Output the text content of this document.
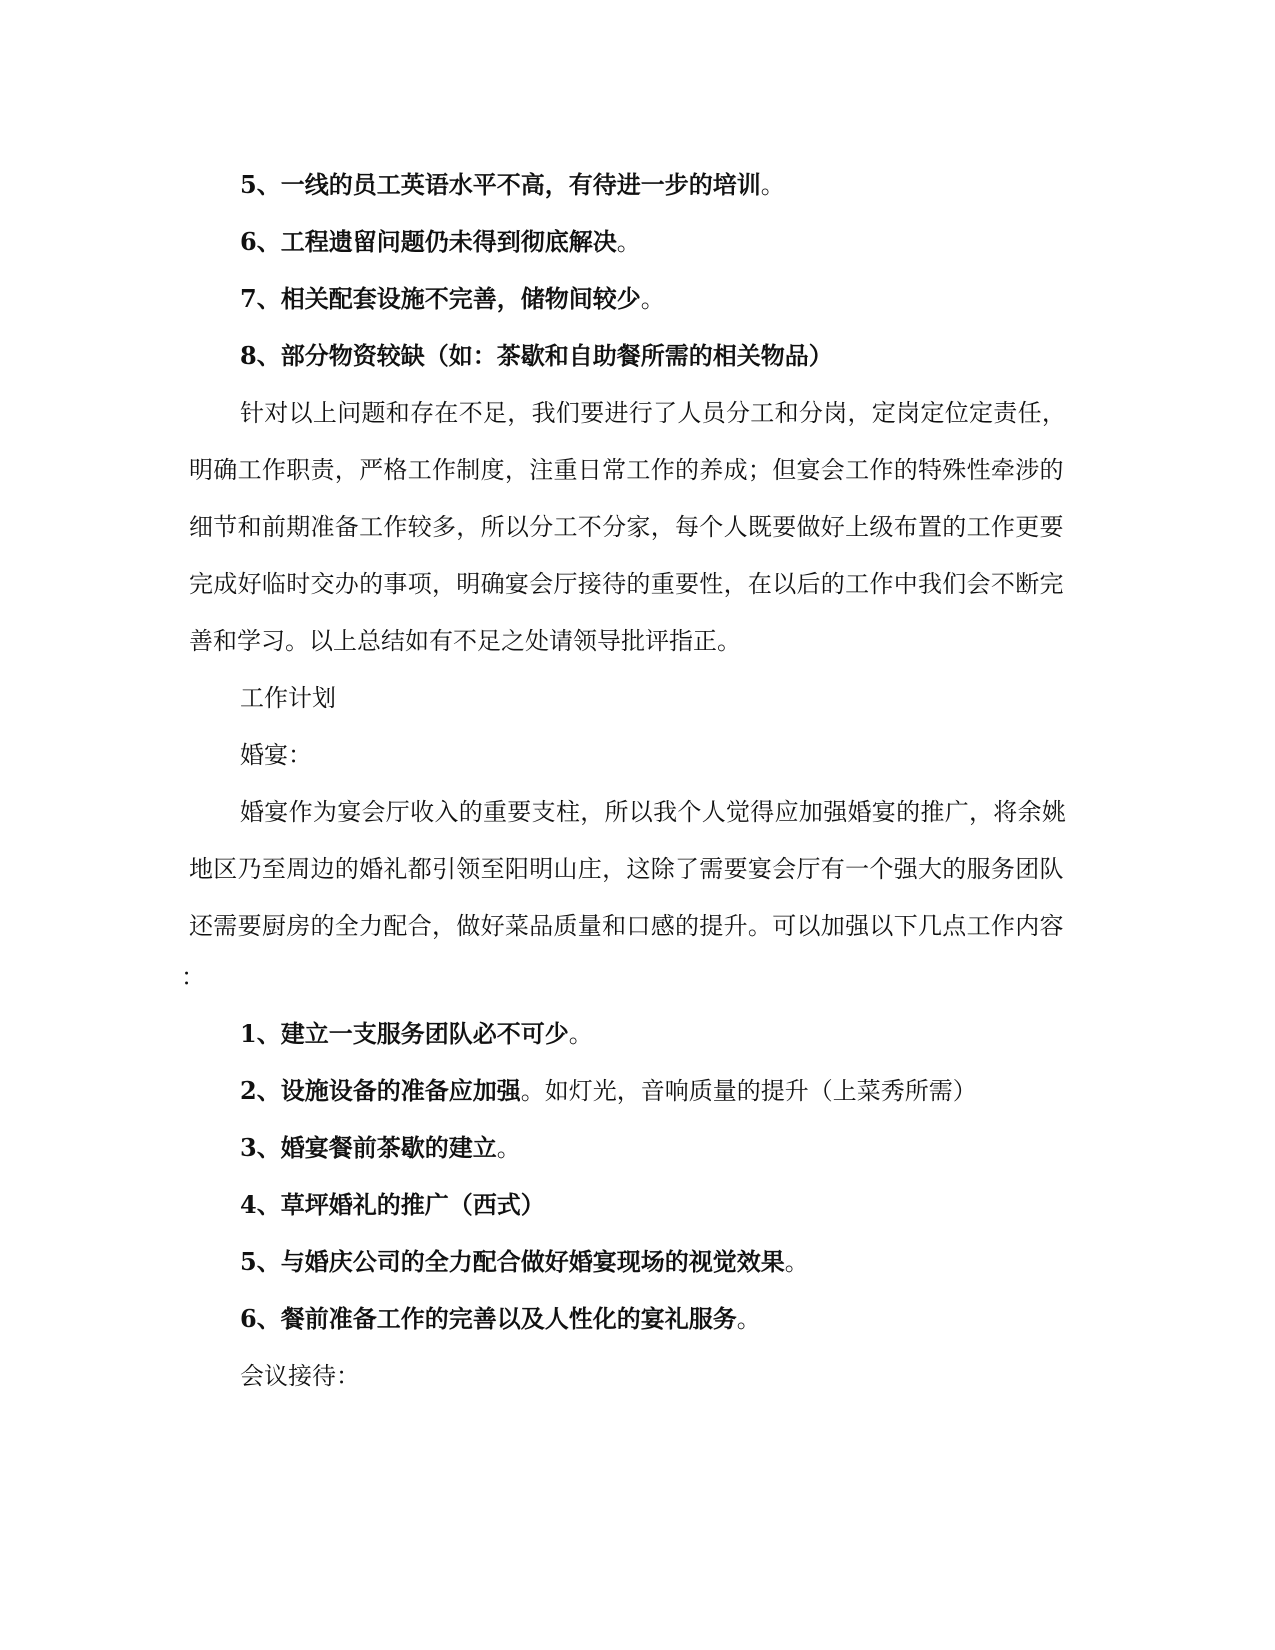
5、一线的员工英语水平不高，有待进一步的培训。
6、工程遗留问题仍未得到彻底解决。
7、相关配套设施不完善，储物间较少。
8、部分物资较缺（如：茶歇和自助餐所需的相关物品）
针对以上问题和存在不足，我们要进行了人员分工和分岗，定岗定位定责任，
明确工作职责，严格工作制度，注重日常工作的养成；但宴会工作的特殊性牵涉的
细节和前期准备工作较多，所以分工不分家，每个人既要做好上级布置的工作更要
完成好临时交办的事项，明确宴会厅接待的重要性，在以后的工作中我们会不断完
善和学习。以上总结如有不足之处请领导批评指正。
工作计划
婚宴：
婚宴作为宴会厅收入的重要支柱，所以我个人觉得应加强婚宴的推广，将余姚
地区乃至周边的婚礼都引领至阳明山庄，这除了需要宴会厅有一个强大的服务团队
还需要厨房的全力配合，做好菜品质量和口感的提升。可以加强以下几点工作内容
：
1、建立一支服务团队必不可少。
2、设施设备的准备应加强。如灯光，音响质量的提升（上菜秀所需）
3、婚宴餐前茶歇的建立。
4、草坪婚礼的推广（西式）
5、与婚庆公司的全力配合做好婚宴现场的视觉效果。
6、餐前准备工作的完善以及人性化的宴礼服务。
会议接待：
